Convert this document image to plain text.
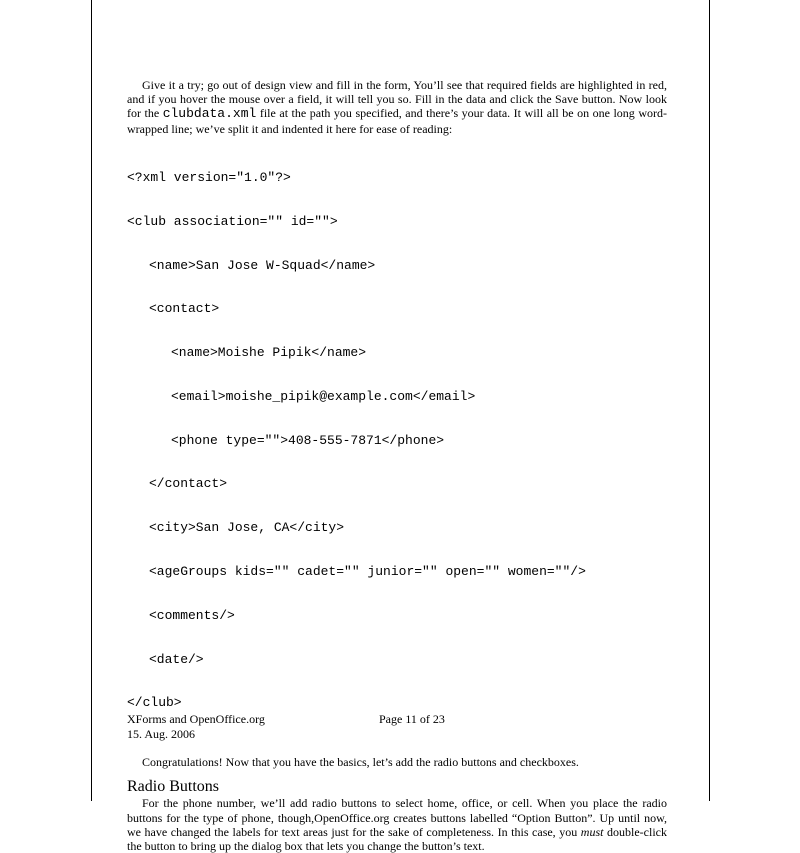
Give it a try; go out of design view and fill in the form, You’ll see that required fields are highlighted in red, and if you hover the mouse over a field, it will tell you so. Fill in the data and click the Save button. Now look for the clubdata.xml file at the path you specified, and there’s your data. It will all be on one long word-wrapped line; we’ve split it and indented it here for ease of reading:

<?xml version="1.0"?>

<club association="" id="">

<name>San Jose W-Squad</name>

<contact>

<name>Moishe Pipik</name>

<email>moishe_pipik@example.com</email>

<phone type="">408-555-7871</phone>

</contact>

<city>San Jose, CA</city>

<ageGroups kids="" cadet="" junior="" open="" women=""/>

<comments/>

<date/>

</club>

Congratulations! Now that you have the basics, let’s add the radio buttons and checkboxes.

Radio Buttons

For the phone number, we’ll add radio buttons to select home, office, or cell. When you place the radio buttons for the type of phone, though,OpenOffice.org creates buttons labelled “Option Button”. Up until now, we have changed the labels for text areas just for the sake of completeness. In this case, you must double-click the button to bring up the dialog box that lets you change the button’s text.

XForms and OpenOffice.org
15. Aug. 2006
Page 11 of 23
